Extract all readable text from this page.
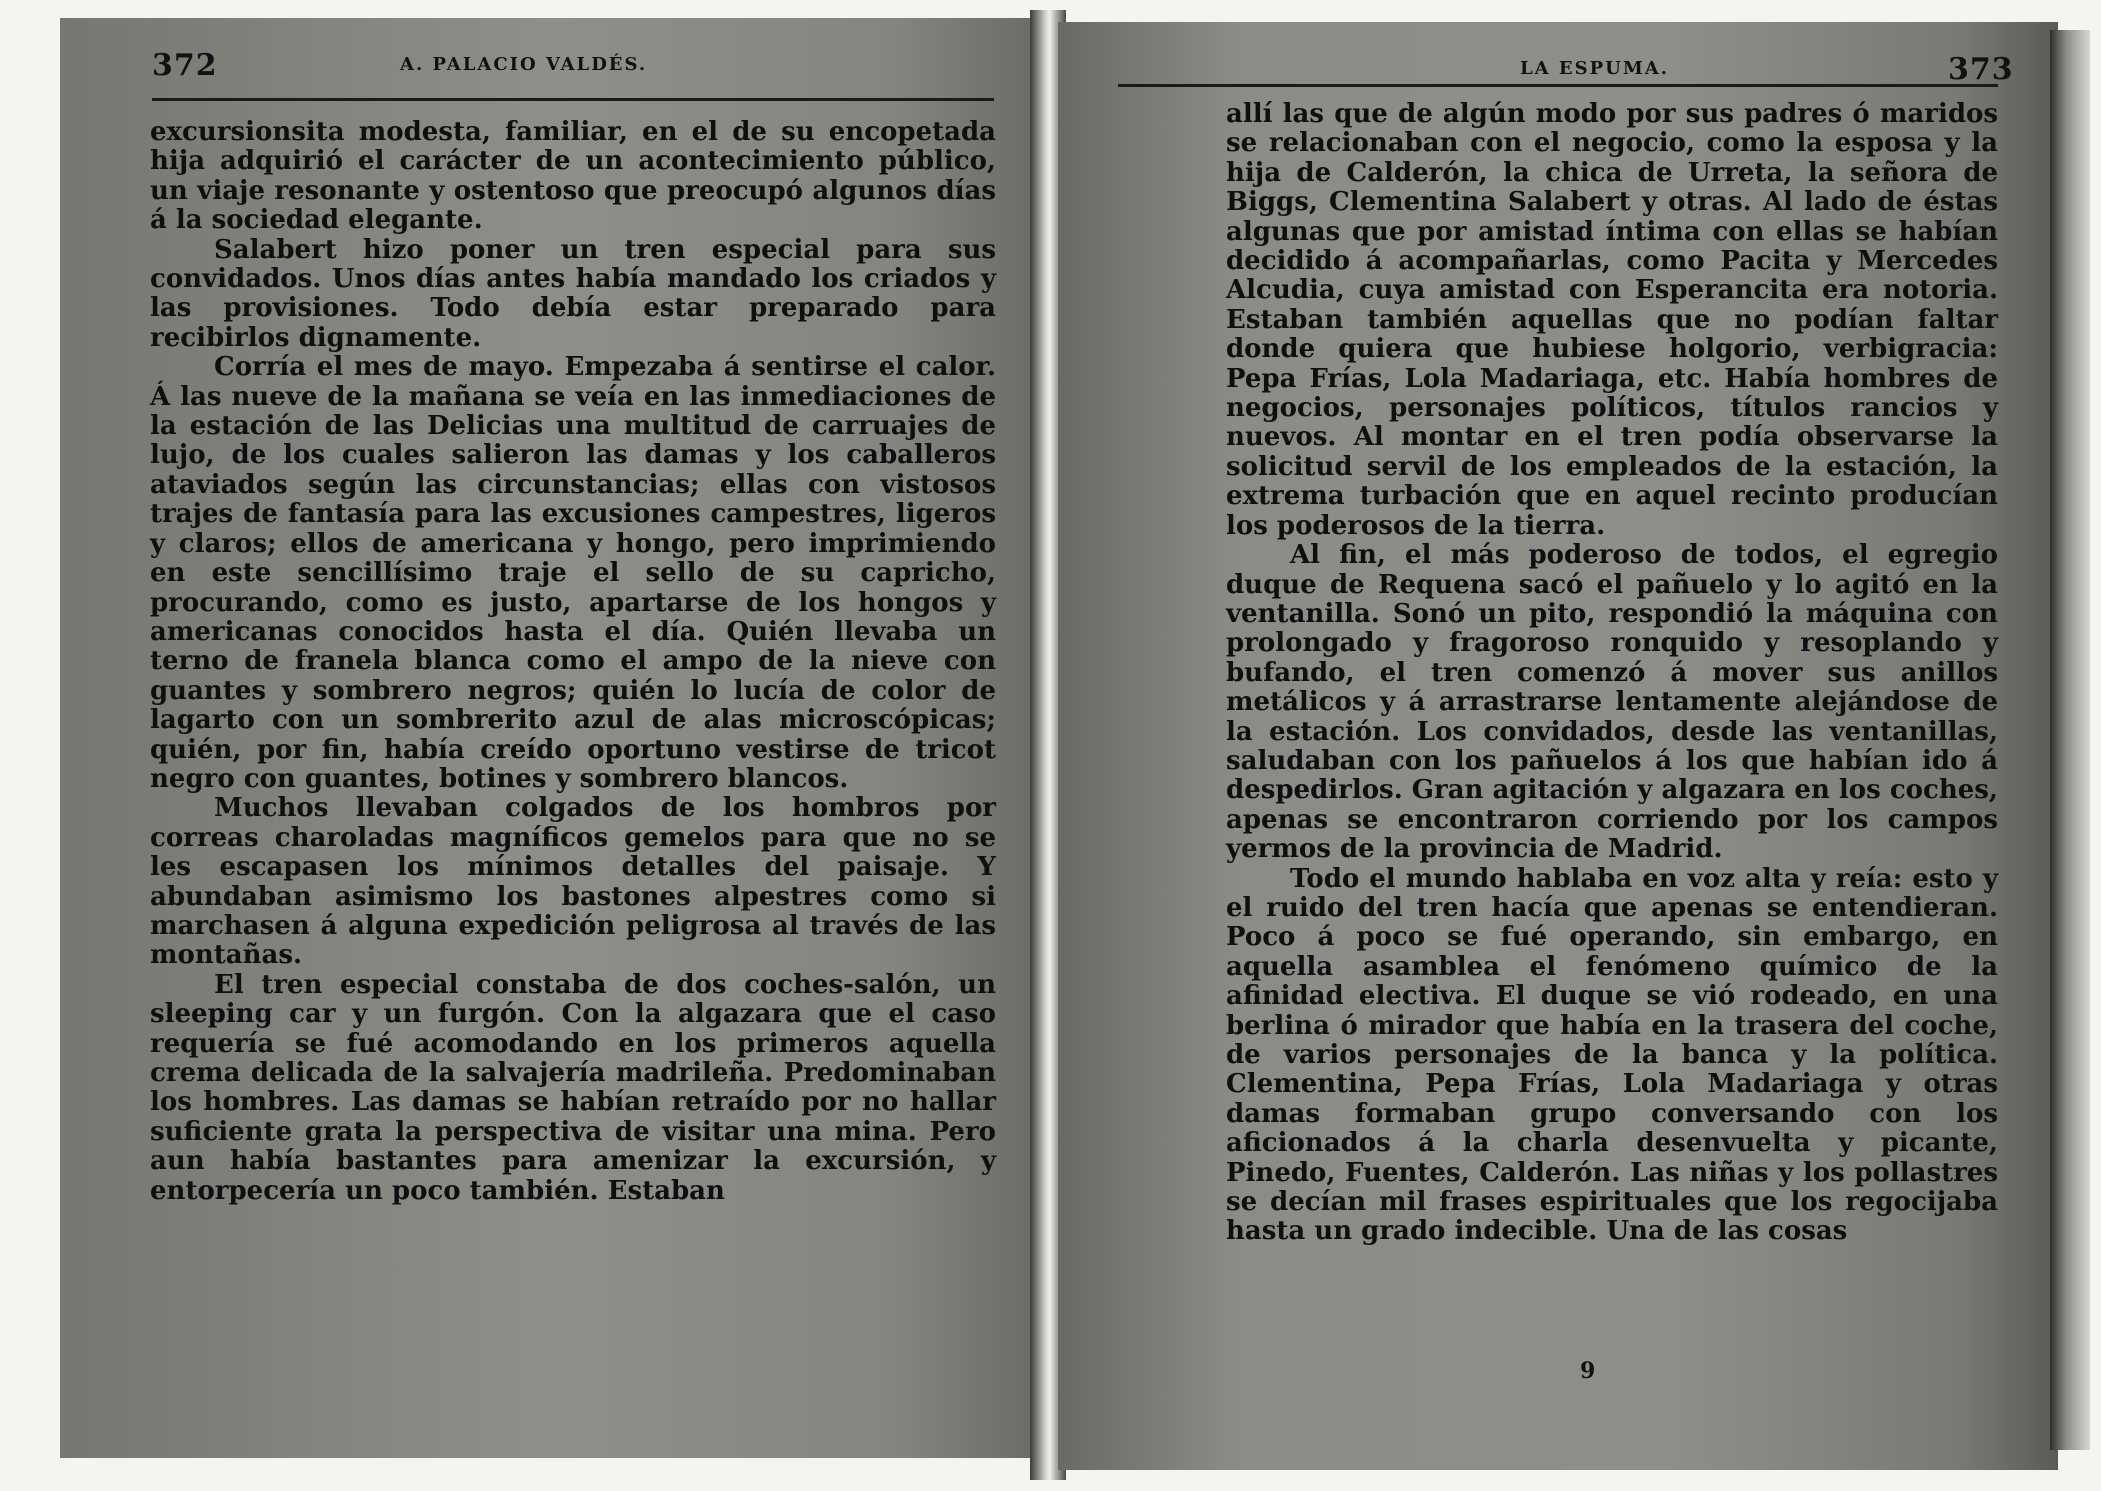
372	A. PALACIO VALDÉS.

excursionsita modesta, familiar, en el de su encopetada hija adquirió el carácter de un acontecimiento público, un viaje resonante y ostentoso que preocupó algunos días á la sociedad elegante.

Salabert hizo poner un tren especial para sus convidados. Unos días antes había mandado los criados y las provisiones. Todo debía estar preparado para recibirlos dignamente.

Corría el mes de mayo. Empezaba á sentirse el calor. Á las nueve de la mañana se veía en las inmediaciones de la estación de las Delicias una multitud de carruajes de lujo, de los cuales salieron las damas y los caballeros ataviados según las circunstancias; ellas con vistosos trajes de fantasía para las excusiones campestres, ligeros y claros; ellos de americana y hongo, pero imprimiendo en este sencillísimo traje el sello de su capricho, procurando, como es justo, apartarse de los hongos y americanas conocidos hasta el día. Quién llevaba un terno de franela blanca como el ampo de la nieve con guantes y sombrero negros; quién lo lucía de color de lagarto con un sombrerito azul de alas microscópicas; quién, por fin, había creído oportuno vestirse de tricot negro con guantes, botines y sombrero blancos.

Muchos llevaban colgados de los hombros por correas charoladas magníficos gemelos para que no se les escapasen los mínimos detalles del paisaje. Y abundaban asimismo los bastones alpestres como si marchasen á alguna expedición peligrosa al través de las montañas.

El tren especial constaba de dos coches-salón, un sleeping car y un furgón. Con la algazara que el caso requería se fué acomodando en los primeros aquella crema delicada de la salvajería madrileña. Predominaban los hombres. Las damas se habían retraído por no hallar suficiente grata la perspectiva de visitar una mina. Pero aun había bastantes para amenizar la excursión, y entorpecería un poco también. Estaban

LA ESPUMA.	373

allí las que de algún modo por sus padres ó maridos se relacionaban con el negocio, como la esposa y la hija de Calderón, la chica de Urreta, la señora de Biggs, Clementina Salabert y otras. Al lado de éstas algunas que por amistad íntima con ellas se habían decidido á acompañarlas, como Pacita y Mercedes Alcudia, cuya amistad con Esperancita era notoria. Estaban también aquellas que no podían faltar donde quiera que hubiese holgorio, verbigracia: Pepa Frías, Lola Madariaga, etc. Había hombres de negocios, personajes políticos, títulos rancios y nuevos. Al montar en el tren podía observarse la solicitud servil de los empleados de la estación, la extrema turbación que en aquel recinto producían los poderosos de la tierra.

Al fin, el más poderoso de todos, el egregio duque de Requena sacó el pañuelo y lo agitó en la ventanilla. Sonó un pito, respondió la máquina con prolongado y fragoroso ronquido y resoplando y bufando, el tren comenzó á mover sus anillos metálicos y á arrastrarse lentamente alejándose de la estación. Los convidados, desde las ventanillas, saludaban con los pañuelos á los que habían ido á despedirlos. Gran agitación y algazara en los coches, apenas se encontraron corriendo por los campos yermos de la provincia de Madrid.

Todo el mundo hablaba en voz alta y reía: esto y el ruido del tren hacía que apenas se entendieran. Poco á poco se fué operando, sin embargo, en aquella asamblea el fenómeno químico de la afinidad electiva. El duque se vió rodeado, en una berlina ó mirador que había en la trasera del coche, de varios personajes de la banca y la política. Clementina, Pepa Frías, Lola Madariaga y otras damas formaban grupo conversando con los aficionados á la charla desenvuelta y picante, Pinedo, Fuentes, Calderón. Las niñas y los pollastres se decían mil frases espirituales que los regocijaba hasta un grado indecible. Una de las cosas

9
